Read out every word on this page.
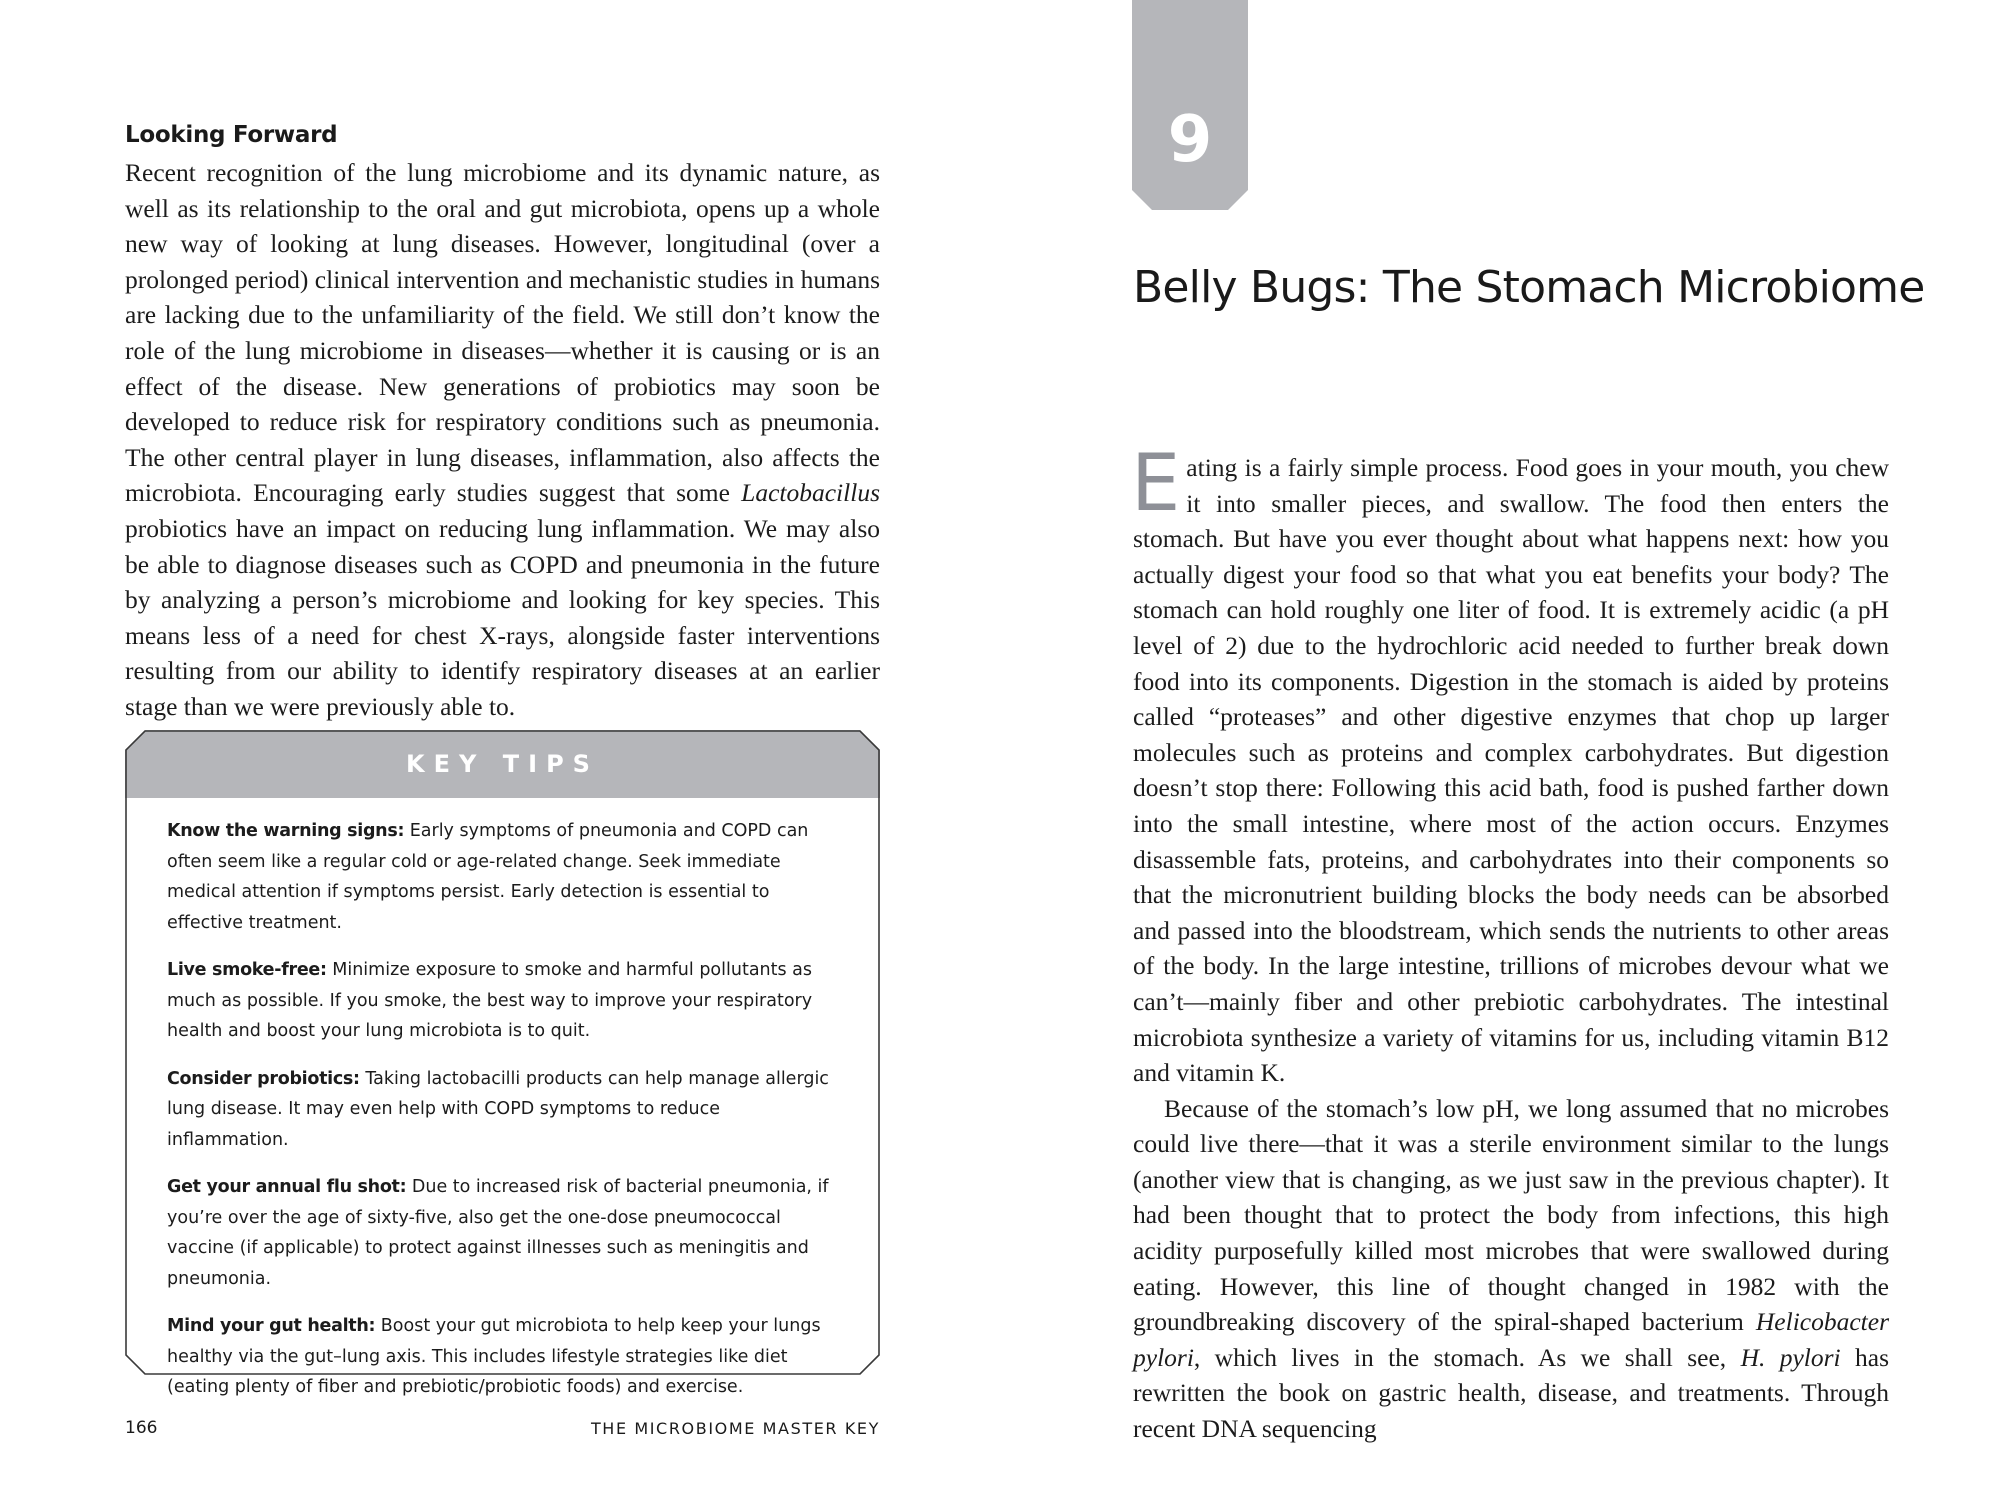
Looking Forward

Recent recognition of the lung microbiome and its dynamic nature, as well as its relationship to the oral and gut microbiota, opens up a whole new way of looking at lung diseases. However, longitudinal (over a prolonged period) clinical intervention and mechanistic studies in humans are lacking due to the unfamiliarity of the field. We still don’t know the role of the lung microbiome in diseases—whether it is causing or is an effect of the disease. New generations of probiotics may soon be developed to reduce risk for respiratory conditions such as pneumonia. The other central player in lung diseases, inflammation, also affects the microbiota. Encouraging early studies suggest that some Lactobacillus probiotics have an impact on reducing lung inflammation. We may also be able to diagnose diseases such as COPD and pneumonia in the future by analyzing a person’s microbiome and looking for key species. This means less of a need for chest X-rays, alongside faster interventions resulting from our ability to identify respiratory diseases at an earlier stage than we were previously able to.

KEY TIPS

Know the warning signs: Early symptoms of pneumonia and COPD can often seem like a regular cold or age-related change. Seek immediate medical attention if symptoms persist. Early detection is essential to effective treatment.

Live smoke-free: Minimize exposure to smoke and harmful pollutants as much as possible. If you smoke, the best way to improve your respiratory health and boost your lung microbiota is to quit.

Consider probiotics: Taking lactobacilli products can help manage allergic lung disease. It may even help with COPD symptoms to reduce inflammation.

Get your annual flu shot: Due to increased risk of bacterial pneumonia, if you’re over the age of sixty-five, also get the one-dose pneumococcal vaccine (if applicable) to protect against illnesses such as meningitis and pneumonia.

Mind your gut health: Boost your gut microbiota to help keep your lungs healthy via the gut–lung axis. This includes lifestyle strategies like diet (eating plenty of fiber and prebiotic/probiotic foods) and exercise.

166	THE MICROBIOME MASTER KEY
9
Belly Bugs: The Stomach Microbiome

Eating is a fairly simple process. Food goes in your mouth, you chew it into smaller pieces, and swallow. The food then enters the stomach. But have you ever thought about what happens next: how you actually digest your food so that what you eat benefits your body? The stomach can hold roughly one liter of food. It is extremely acidic (a pH level of 2) due to the hydrochloric acid needed to further break down food into its components. Digestion in the stomach is aided by proteins called “proteases” and other digestive enzymes that chop up larger molecules such as proteins and complex carbohydrates. But digestion doesn’t stop there: Following this acid bath, food is pushed farther down into the small intestine, where most of the action occurs. Enzymes disassemble fats, proteins, and carbohydrates into their components so that the micronutrient building blocks the body needs can be absorbed and passed into the bloodstream, which sends the nutrients to other areas of the body. In the large intestine, trillions of microbes devour what we can’t—mainly fiber and other prebiotic carbohydrates. The intestinal microbiota synthesize a variety of vitamins for us, including vitamin B12 and vitamin K.

Because of the stomach’s low pH, we long assumed that no microbes could live there—that it was a sterile environment similar to the lungs (another view that is changing, as we just saw in the previous chapter). It had been thought that to protect the body from infections, this high acidity purposefully killed most microbes that were swallowed during eating. However, this line of thought changed in 1982 with the groundbreaking discovery of the spiral-shaped bacterium Helicobacter pylori, which lives in the stomach. As we shall see, H. pylori has rewritten the book on gastric health, disease, and treatments. Through recent DNA sequencing
